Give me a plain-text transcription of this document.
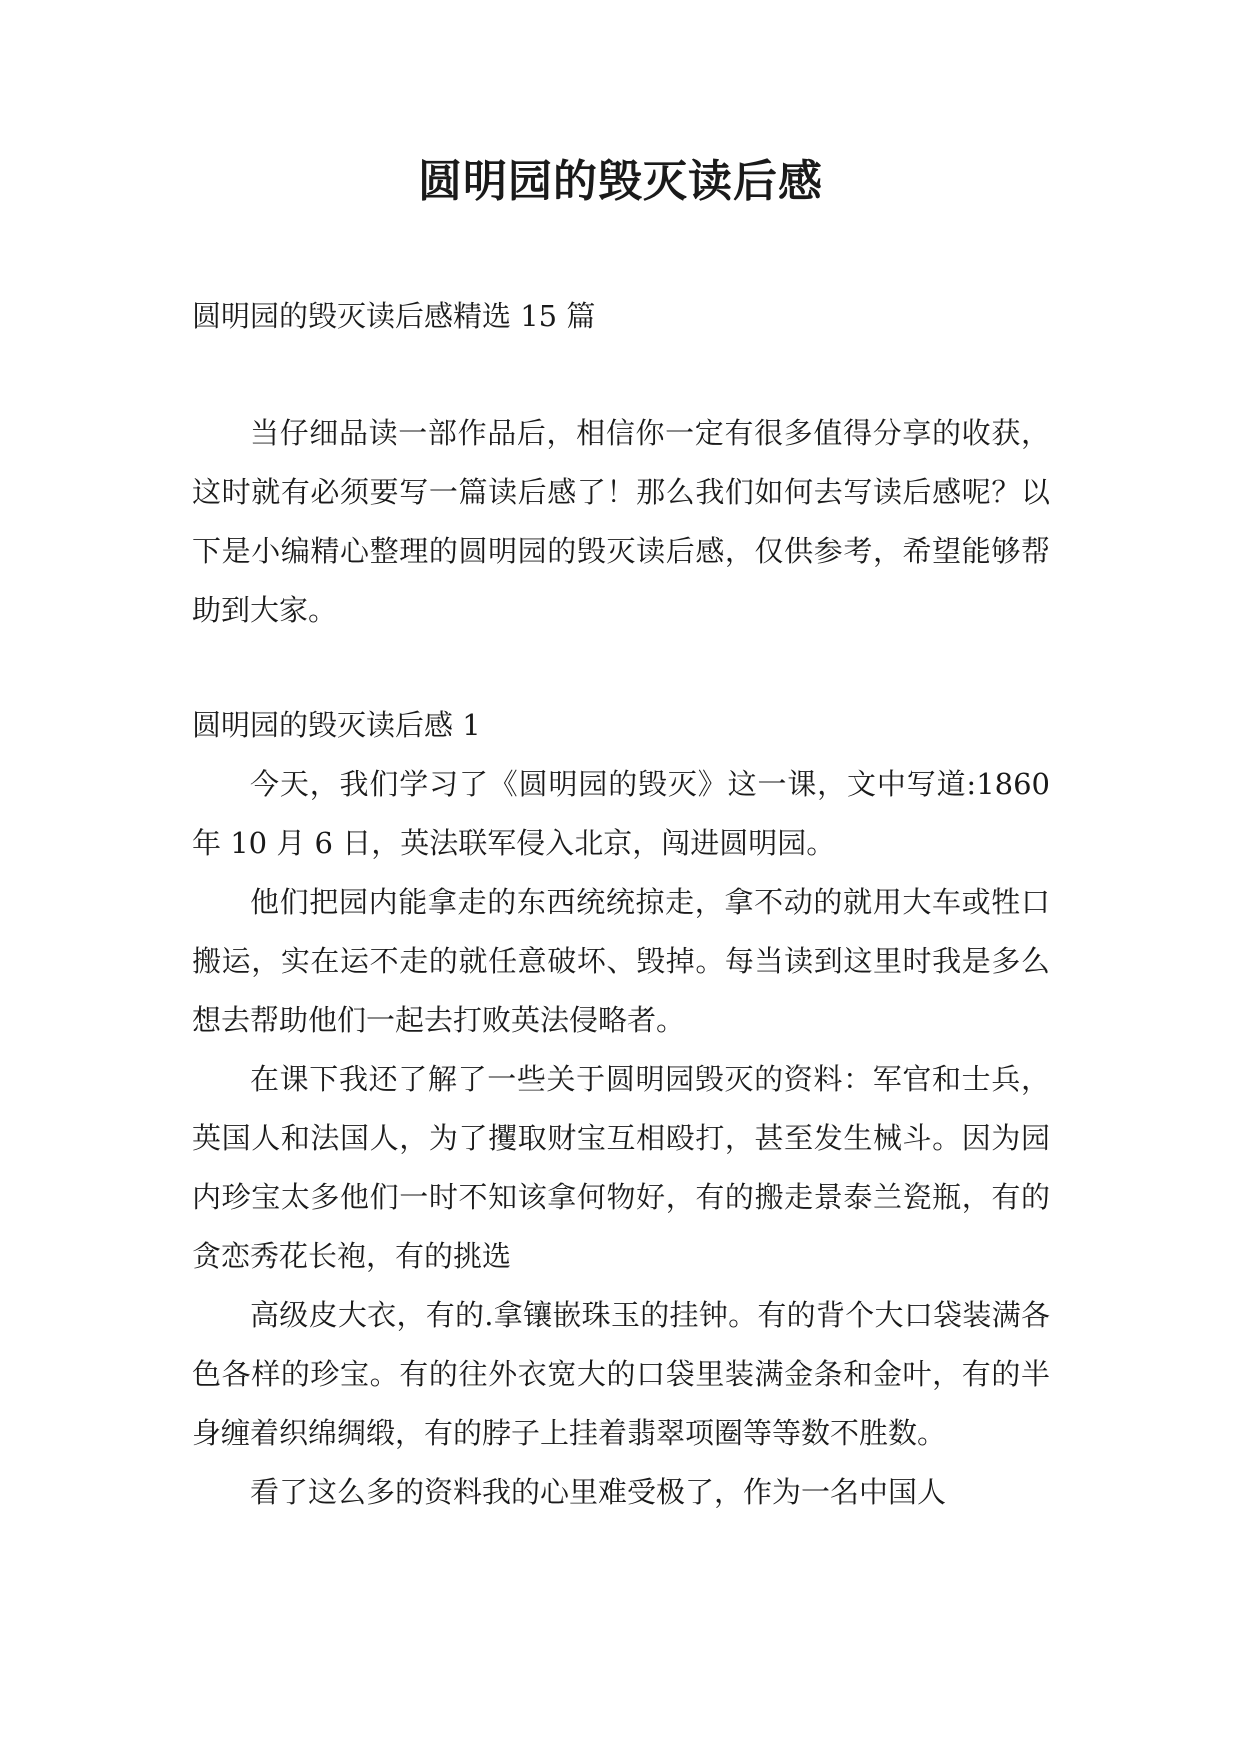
圆明园的毁灭读后感

圆明园的毁灭读后感精选 15 篇

当仔细品读一部作品后，相信你一定有很多值得分享的收获，这时就有必须要写一篇读后感了！那么我们如何去写读后感呢？以下是小编精心整理的圆明园的毁灭读后感，仅供参考，希望能够帮助到大家。

圆明园的毁灭读后感 1

今天，我们学习了《圆明园的毁灭》这一课，文中写道:1860 年 10 月 6 日，英法联军侵入北京，闯进圆明园。

他们把园内能拿走的东西统统掠走，拿不动的就用大车或牲口搬运，实在运不走的就任意破坏、毁掉。每当读到这里时我是多么想去帮助他们一起去打败英法侵略者。

在课下我还了解了一些关于圆明园毁灭的资料：军官和士兵，英国人和法国人，为了攫取财宝互相殴打，甚至发生械斗。因为园内珍宝太多他们一时不知该拿何物好，有的搬走景泰兰瓷瓶，有的贪恋秀花长袍，有的挑选

高级皮大衣，有的.拿镶嵌珠玉的挂钟。有的背个大口袋装满各色各样的珍宝。有的往外衣宽大的口袋里装满金条和金叶，有的半身缠着织绵绸缎，有的脖子上挂着翡翠项圈等等数不胜数。

看了这么多的资料我的心里难受极了，作为一名中国人
